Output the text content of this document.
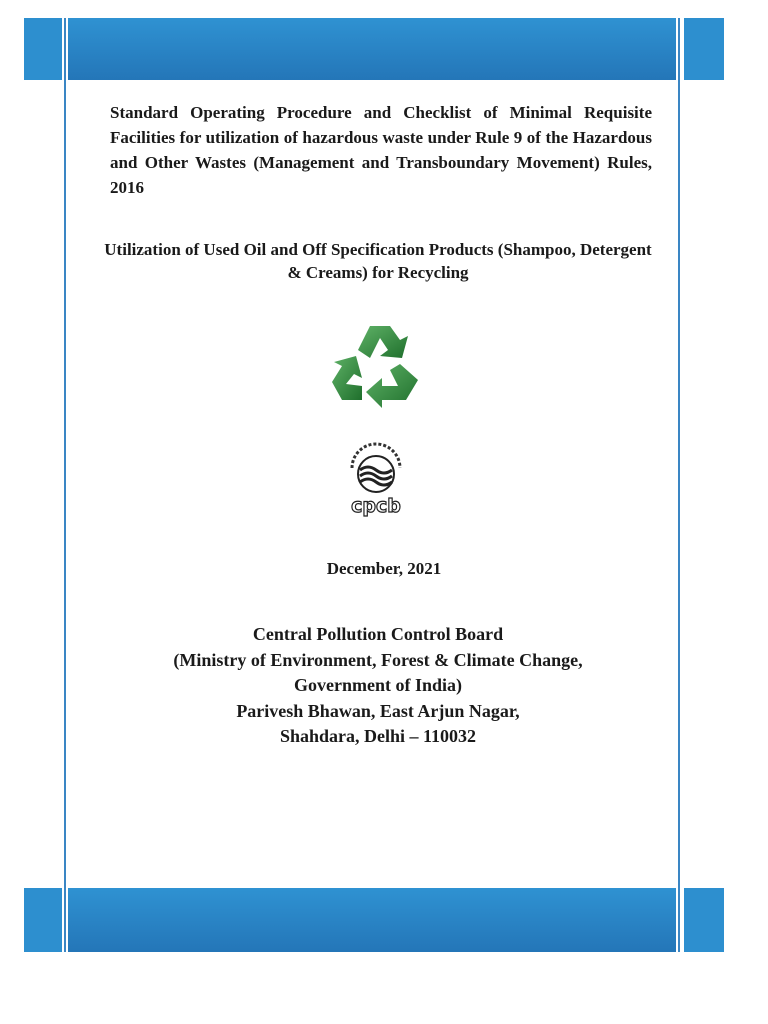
Standard Operating Procedure and Checklist of Minimal Requisite Facilities for utilization of hazardous waste under Rule 9 of the Hazardous and Other Wastes (Management and Transboundary Movement) Rules, 2016

Utilization of Used Oil and Off Specification Products (Shampoo, Detergent & Creams) for Recycling

cpcb
December, 2021
Central Pollution Control Board
(Ministry of Environment, Forest & Climate Change,
Government of India)
Parivesh Bhawan, East Arjun Nagar,
Shahdara, Delhi – 110032
